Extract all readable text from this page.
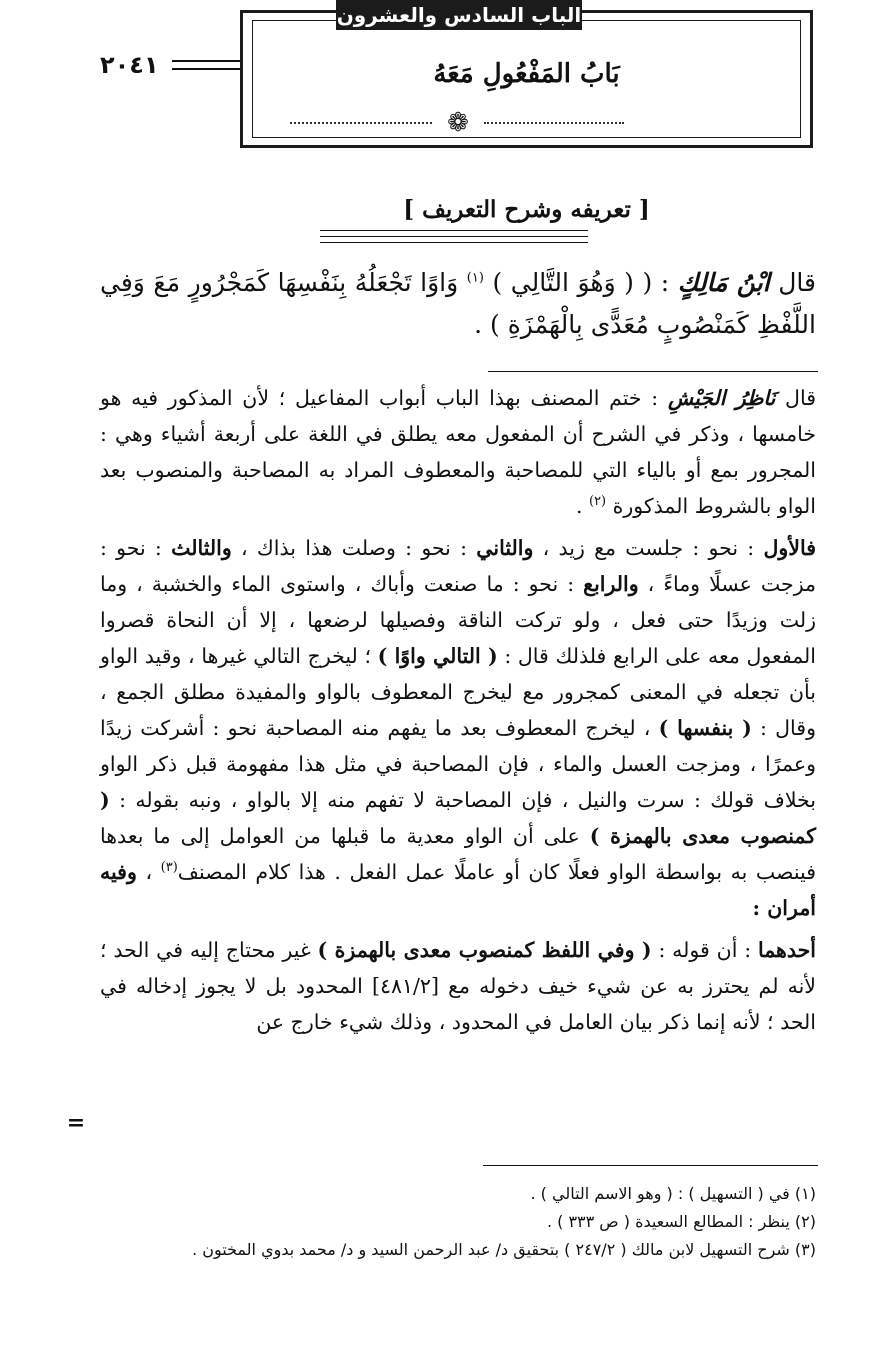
الباب السادس والعشرون
٢٠٤١	بَابُ المَفْعُولِ مَعَهُ
❁
[ تعريفه وشرح التعريف ]
قال ابْنُ مَالِكٍ : ( ( وَهُوَ التَّالِي ) $^{(١)}$ وَاوًا تَجْعَلُهُ بِنَفْسِهَا كَمَجْرُورٍ مَعَ وَفِي اللَّفْظِ كَمَنْصُوبٍ مُعَدًّى بِالْهَمْزَةِ ) .

قال نَاظِرُ الجَيْشِ : ختم المصنف بهذا الباب أبواب المفاعيل ؛ لأن المذكور فيه هو خامسها ، وذكر في الشرح أن المفعول معه يطلق في اللغة على أربعة أشياء وهي : المجرور بمع أو بالياء التي للمصاحبة والمعطوف المراد به المصاحبة والمنصوب بعد الواو بالشروط المذكورة $^{(٢)}$ .

فالأول : نحو : جلست مع زيد ، والثاني : نحو : وصلت هذا بذاك ، والثالث : نحو : مزجت عسلًا وماءً ، والرابع : نحو : ما صنعت وأباك ، واستوى الماء والخشبة ، وما زلت وزيدًا حتى فعل ، ولو تركت الناقة وفصيلها لرضعها ، إلا أن النحاة قصروا المفعول معه على الرابع فلذلك قال : ( التالي واوًا ) ؛ ليخرج التالي غيرها ، وقيد الواو بأن تجعله في المعنى كمجرور مع ليخرج المعطوف بالواو والمفيدة مطلق الجمع ، وقال : ( بنفسها ) ، ليخرج المعطوف بعد ما يفهم منه المصاحبة نحو : أشركت زيدًا وعمرًا ، ومزجت العسل والماء ، فإن المصاحبة في مثل هذا مفهومة قبل ذكر الواو بخلاف قولك : سرت والنيل ، فإن المصاحبة لا تفهم منه إلا بالواو ، ونبه بقوله : ( كمنصوب معدى بالهمزة ) على أن الواو معدية ما قبلها من العوامل إلى ما بعدها فينصب به بواسطة الواو فعلًا كان أو عاملًا عمل الفعل . هذا كلام المصنف$^{(٣)}$ ، وفيه أمران :

أحدهما : أن قوله : ( وفي اللفظ كمنصوب معدى بالهمزة ) غير محتاج إليه في الحد ؛ لأنه لم يحترز به عن شيء خيف دخوله مع [٤٨١/٢] المحدود بل لا يجوز إدخاله في الحد ؛ لأنه إنما ذكر بيان العامل في المحدود ، وذلك شيء خارج عن

=
(١) في ( التسهيل ) : ( وهو الاسم التالي ) .
(٢) ينظر : المطالع السعيدة ( ص ٣٣٣ ) .
(٣) شرح التسهيل لابن مالك ( ٢٤٧/٢ ) بتحقيق د/ عبد الرحمن السيد و د/ محمد بدوي المختون .
